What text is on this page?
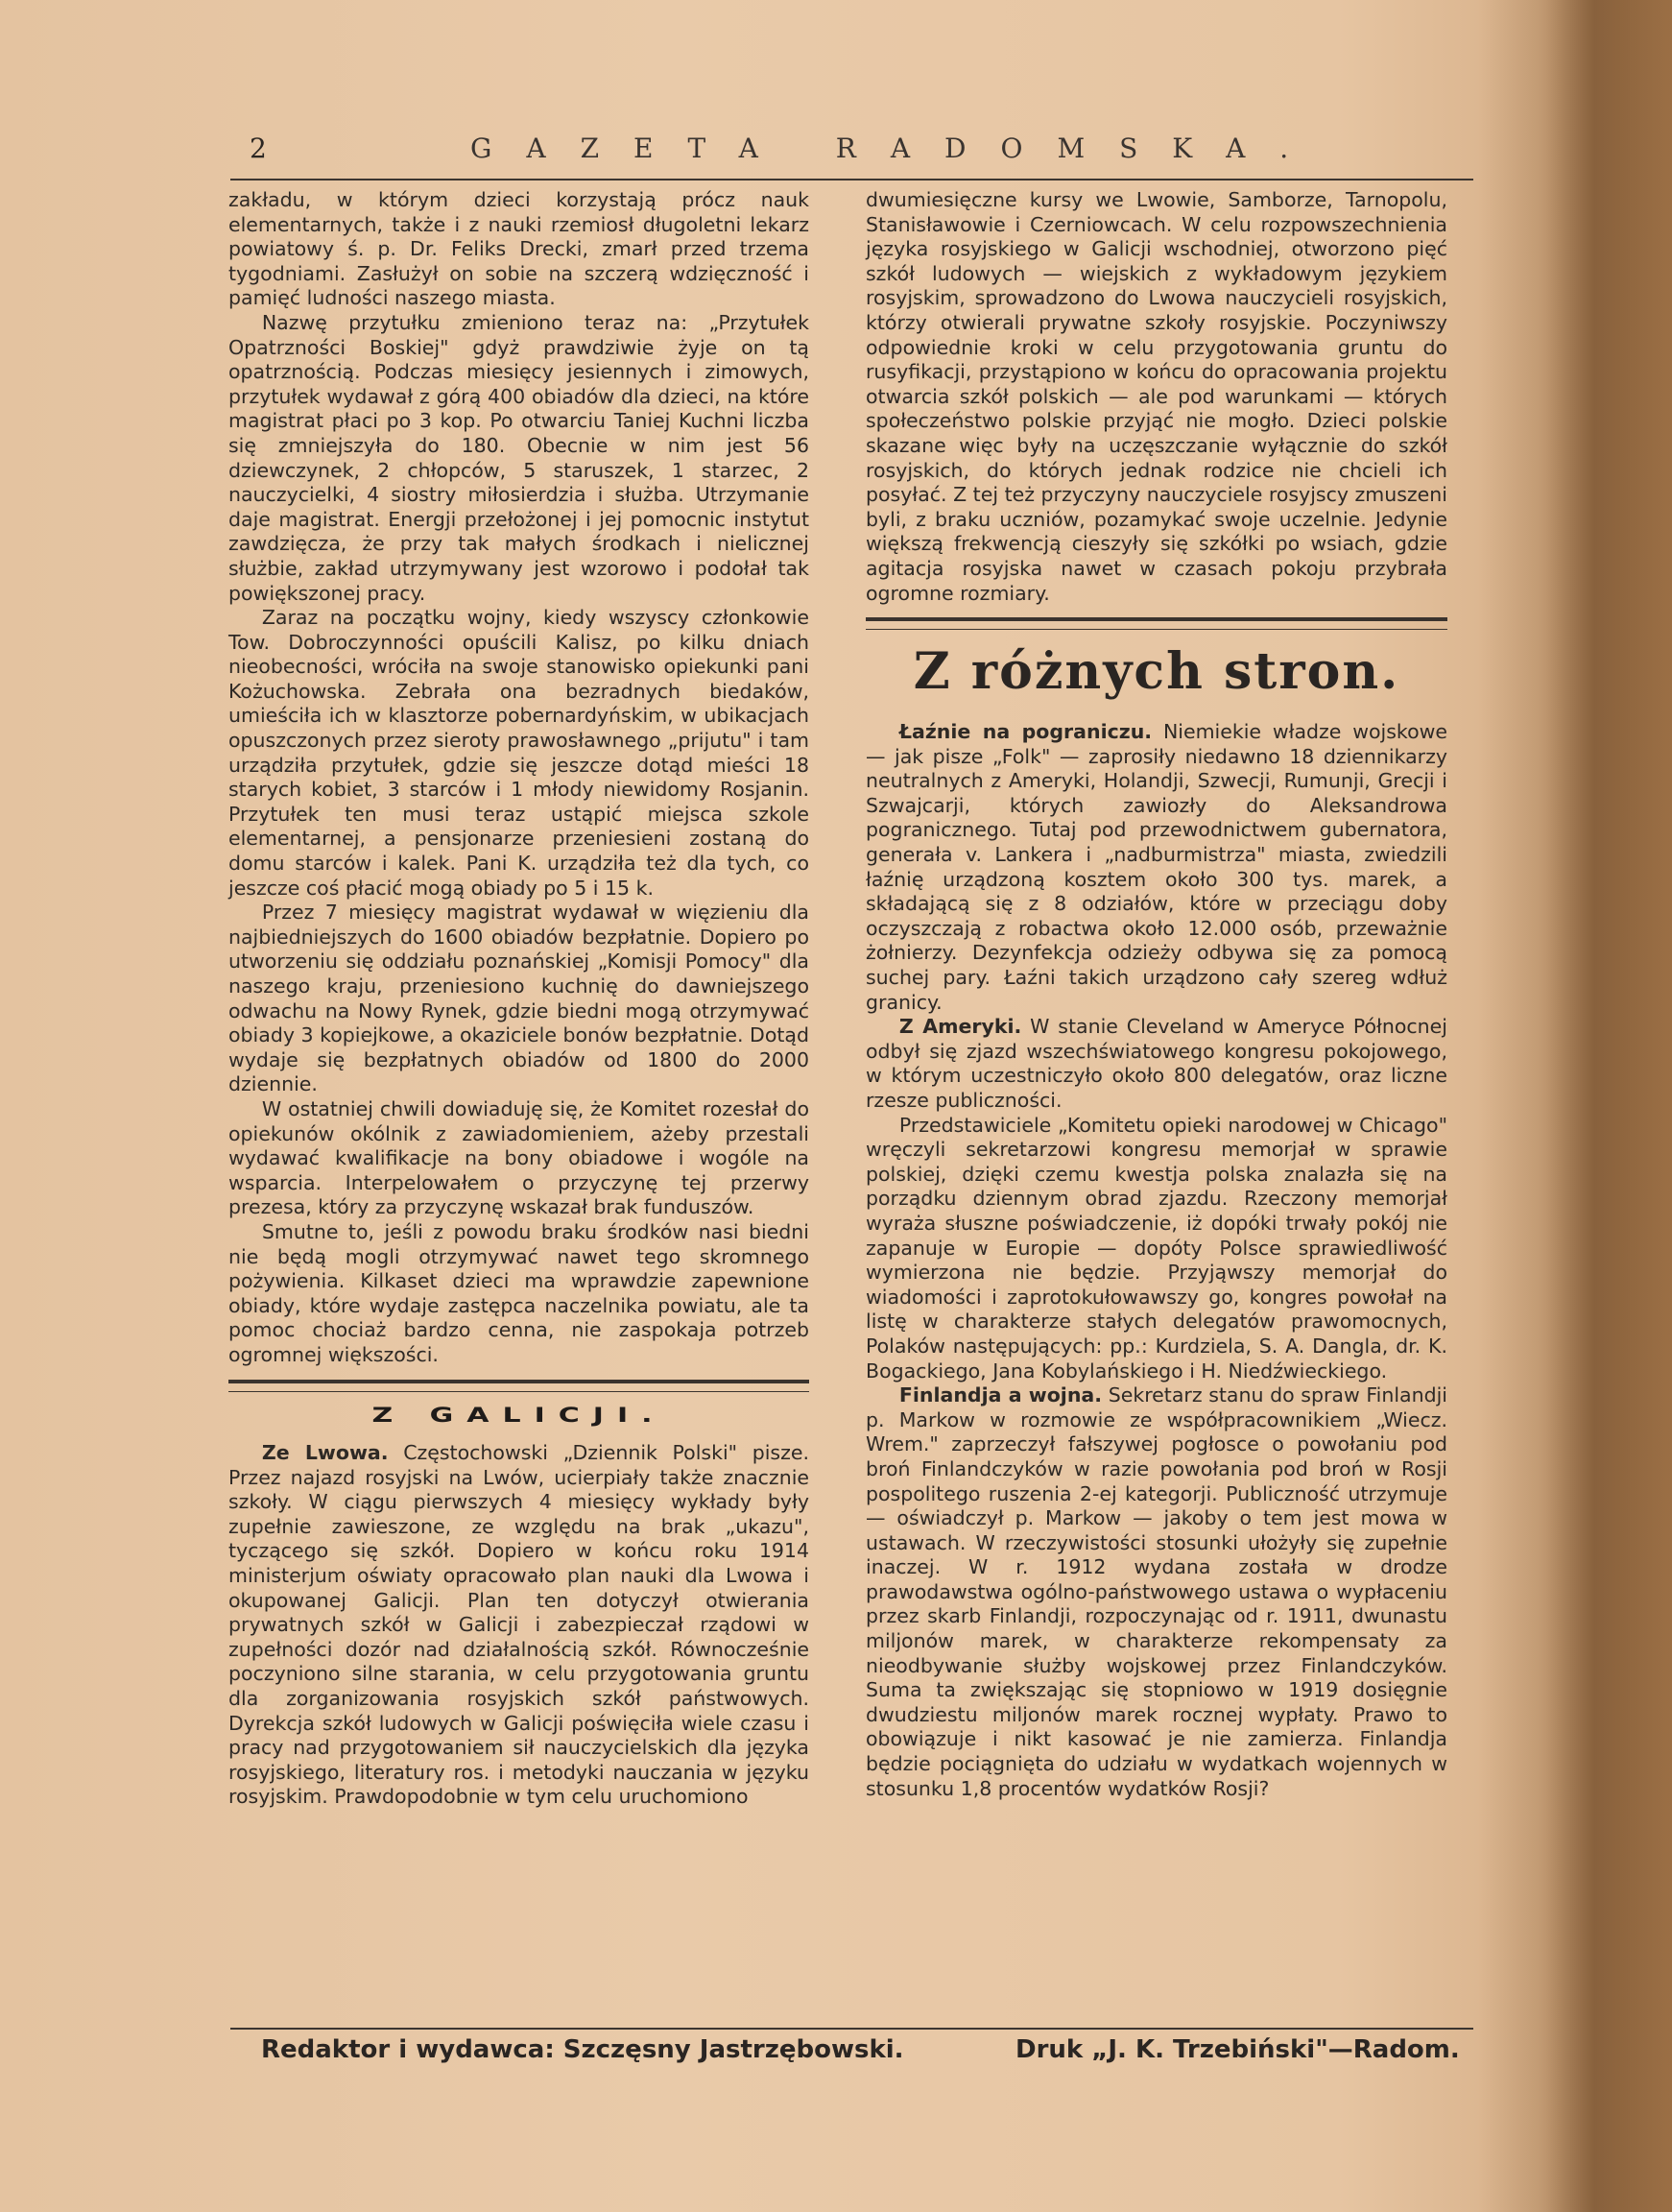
2	GAZETA RADOMSKA.

zakładu, w którym dzieci korzystają prócz nauk elementarnych, także i z nauki rzemiosł długoletni lekarz powiatowy ś. p. Dr. Feliks Drecki, zmarł przed trzema tygodniami. Zasłużył on sobie na szczerą wdzięczność i pamięć ludności naszego miasta.

Nazwę przytułku zmieniono teraz na: „Przytułek Opatrzności Boskiej" gdyż prawdziwie żyje on tą opatrznością. Podczas miesięcy jesiennych i zimowych, przytułek wydawał z górą 400 obiadów dla dzieci, na które magistrat płaci po 3 kop. Po otwarciu Taniej Kuchni liczba się zmniejszyła do 180. Obecnie w nim jest 56 dziewczynek, 2 chłopców, 5 staruszek, 1 starzec, 2 nauczycielki, 4 siostry miłosierdzia i służba. Utrzymanie daje magistrat. Energji przełożonej i jej pomocnic instytut zawdzięcza, że przy tak małych środkach i nielicznej służbie, zakład utrzymywany jest wzorowo i podołał tak powiększonej pracy.

Zaraz na początku wojny, kiedy wszyscy członkowie Tow. Dobroczynności opuścili Kalisz, po kilku dniach nieobecności, wróciła na swoje stanowisko opiekunki pani Kożuchowska. Zebrała ona bezradnych biedaków, umieściła ich w klasztorze pobernardyńskim, w ubikacjach opuszczonych przez sieroty prawosławnego „prijutu" i tam urządziła przytułek, gdzie się jeszcze dotąd mieści 18 starych kobiet, 3 starców i 1 młody niewidomy Rosjanin. Przytułek ten musi teraz ustąpić miejsca szkole elementarnej, a pensjonarze przeniesieni zostaną do domu starców i kalek. Pani K. urządziła też dla tych, co jeszcze coś płacić mogą obiady po 5 i 15 k.

Przez 7 miesięcy magistrat wydawał w więzieniu dla najbiedniejszych do 1600 obiadów bezpłatnie. Dopiero po utworzeniu się oddziału poznańskiej „Komisji Pomocy" dla naszego kraju, przeniesiono kuchnię do dawniejszego odwachu na Nowy Rynek, gdzie biedni mogą otrzymywać obiady 3 kopiejkowe, a okaziciele bonów bezpłatnie. Dotąd wydaje się bezpłatnych obiadów od 1800 do 2000 dziennie.

W ostatniej chwili dowiaduję się, że Komitet rozesłał do opiekunów okólnik z zawiadomieniem, ażeby przestali wydawać kwalifikacje na bony obiadowe i wogóle na wsparcia. Interpelowałem o przyczynę tej przerwy prezesa, który za przyczynę wskazał brak funduszów.

Smutne to, jeśli z powodu braku środków nasi biedni nie będą mogli otrzymywać nawet tego skromnego pożywienia. Kilkaset dzieci ma wprawdzie zapewnione obiady, które wydaje zastępca naczelnika powiatu, ale ta pomoc chociaż bardzo cenna, nie zaspokaja potrzeb ogromnej większości.

Z GALICJI.

Ze Lwowa. Częstochowski „Dziennik Polski" pisze. Przez najazd rosyjski na Lwów, ucierpiały także znacznie szkoły. W ciągu pierwszych 4 miesięcy wykłady były zupełnie zawieszone, ze względu na brak „ukazu", tyczącego się szkół. Dopiero w końcu roku 1914 ministerjum oświaty opracowało plan nauki dla Lwowa i okupowanej Galicji. Plan ten dotyczył otwierania prywatnych szkół w Galicji i zabezpieczał rządowi w zupełności dozór nad działalnością szkół. Równocześnie poczyniono silne starania, w celu przygotowania gruntu dla zorganizowania rosyjskich szkół państwowych. Dyrekcja szkół ludowych w Galicji poświęciła wiele czasu i pracy nad przygotowaniem sił nauczycielskich dla języka rosyjskiego, literatury ros. i metodyki nauczania w języku rosyjskim. Prawdopodobnie w tym celu uruchomiono

dwumiesięczne kursy we Lwowie, Samborze, Tarnopolu, Stanisławowie i Czerniowcach. W celu rozpowszechnienia języka rosyjskiego w Galicji wschodniej, otworzono pięć szkół ludowych — wiejskich z wykładowym językiem rosyjskim, sprowadzono do Lwowa nauczycieli rosyjskich, którzy otwierali prywatne szkoły rosyjskie. Poczyniwszy odpowiednie kroki w celu przygotowania gruntu do rusyfikacji, przystąpiono w końcu do opracowania projektu otwarcia szkół polskich — ale pod warunkami — których społeczeństwo polskie przyjąć nie mogło. Dzieci polskie skazane więc były na uczęszczanie wyłącznie do szkół rosyjskich, do których jednak rodzice nie chcieli ich posyłać. Z tej też przyczyny nauczyciele rosyjscy zmuszeni byli, z braku uczniów, pozamykać swoje uczelnie. Jedynie większą frekwencją cieszyły się szkółki po wsiach, gdzie agitacja rosyjska nawet w czasach pokoju przybrała ogromne rozmiary.

Z różnych stron.

Łaźnie na pograniczu. Niemiekie władze wojskowe — jak pisze „Folk" — zaprosiły niedawno 18 dziennikarzy neutralnych z Ameryki, Holandji, Szwecji, Rumunji, Grecji i Szwajcarji, których zawiozły do Aleksandrowa pogranicznego. Tutaj pod przewodnictwem gubernatora, generała v. Lankera i „nadburmistrza" miasta, zwiedzili łaźnię urządzoną kosztem około 300 tys. marek, a składającą się z 8 odziałów, które w przeciągu doby oczyszczają z robactwa około 12.000 osób, przeważnie żołnierzy. Dezynfekcja odzieży odbywa się za pomocą suchej pary. Łaźni takich urządzono cały szereg wdłuż granicy.

Z Ameryki. W stanie Cleveland w Ameryce Północnej odbył się zjazd wszechświatowego kongresu pokojowego, w którym uczestniczyło około 800 delegatów, oraz liczne rzesze publiczności.

Przedstawiciele „Komitetu opieki narodowej w Chicago" wręczyli sekretarzowi kongresu memorjał w sprawie polskiej, dzięki czemu kwestja polska znalazła się na porządku dziennym obrad zjazdu. Rzeczony memorjał wyraża słuszne poświadczenie, iż dopóki trwały pokój nie zapanuje w Europie — dopóty Polsce sprawiedliwość wymierzona nie będzie. Przyjąwszy memorjał do wiadomości i zaprotokułowawszy go, kongres powołał na listę w charakterze stałych delegatów prawomocnych, Polaków następujących: pp.: Kurdziela, S. A. Dangla, dr. K. Bogackiego, Jana Kobylańskiego i H. Niedźwieckiego.

Finlandja a wojna. Sekretarz stanu do spraw Finlandji p. Markow w rozmowie ze współpracownikiem „Wiecz. Wrem." zaprzeczył fałszywej pogłosce o powołaniu pod broń Finlandczyków w razie powołania pod broń w Rosji pospolitego ruszenia 2-ej kategorji. Publiczność utrzymuje — oświadczył p. Markow — jakoby o tem jest mowa w ustawach. W rzeczywistości stosunki ułożyły się zupełnie inaczej. W r. 1912 wydana została w drodze prawodawstwa ogólno-państwowego ustawa o wypłaceniu przez skarb Finlandji, rozpoczynając od r. 1911, dwunastu miljonów marek, w charakterze rekompensaty za nieodbywanie służby wojskowej przez Finlandczyków. Suma ta zwiększając się stopniowo w 1919 dosięgnie dwudziestu miljonów marek rocznej wypłaty. Prawo to obowiązuje i nikt kasować je nie zamierza. Finlandja będzie pociągnięta do udziału w wydatkach wojennych w stosunku 1,8 procentów wydatków Rosji?

Redaktor i wydawca: Szczęsny Jastrzębowski.	Druk „J. K. Trzebiński"—Radom.
